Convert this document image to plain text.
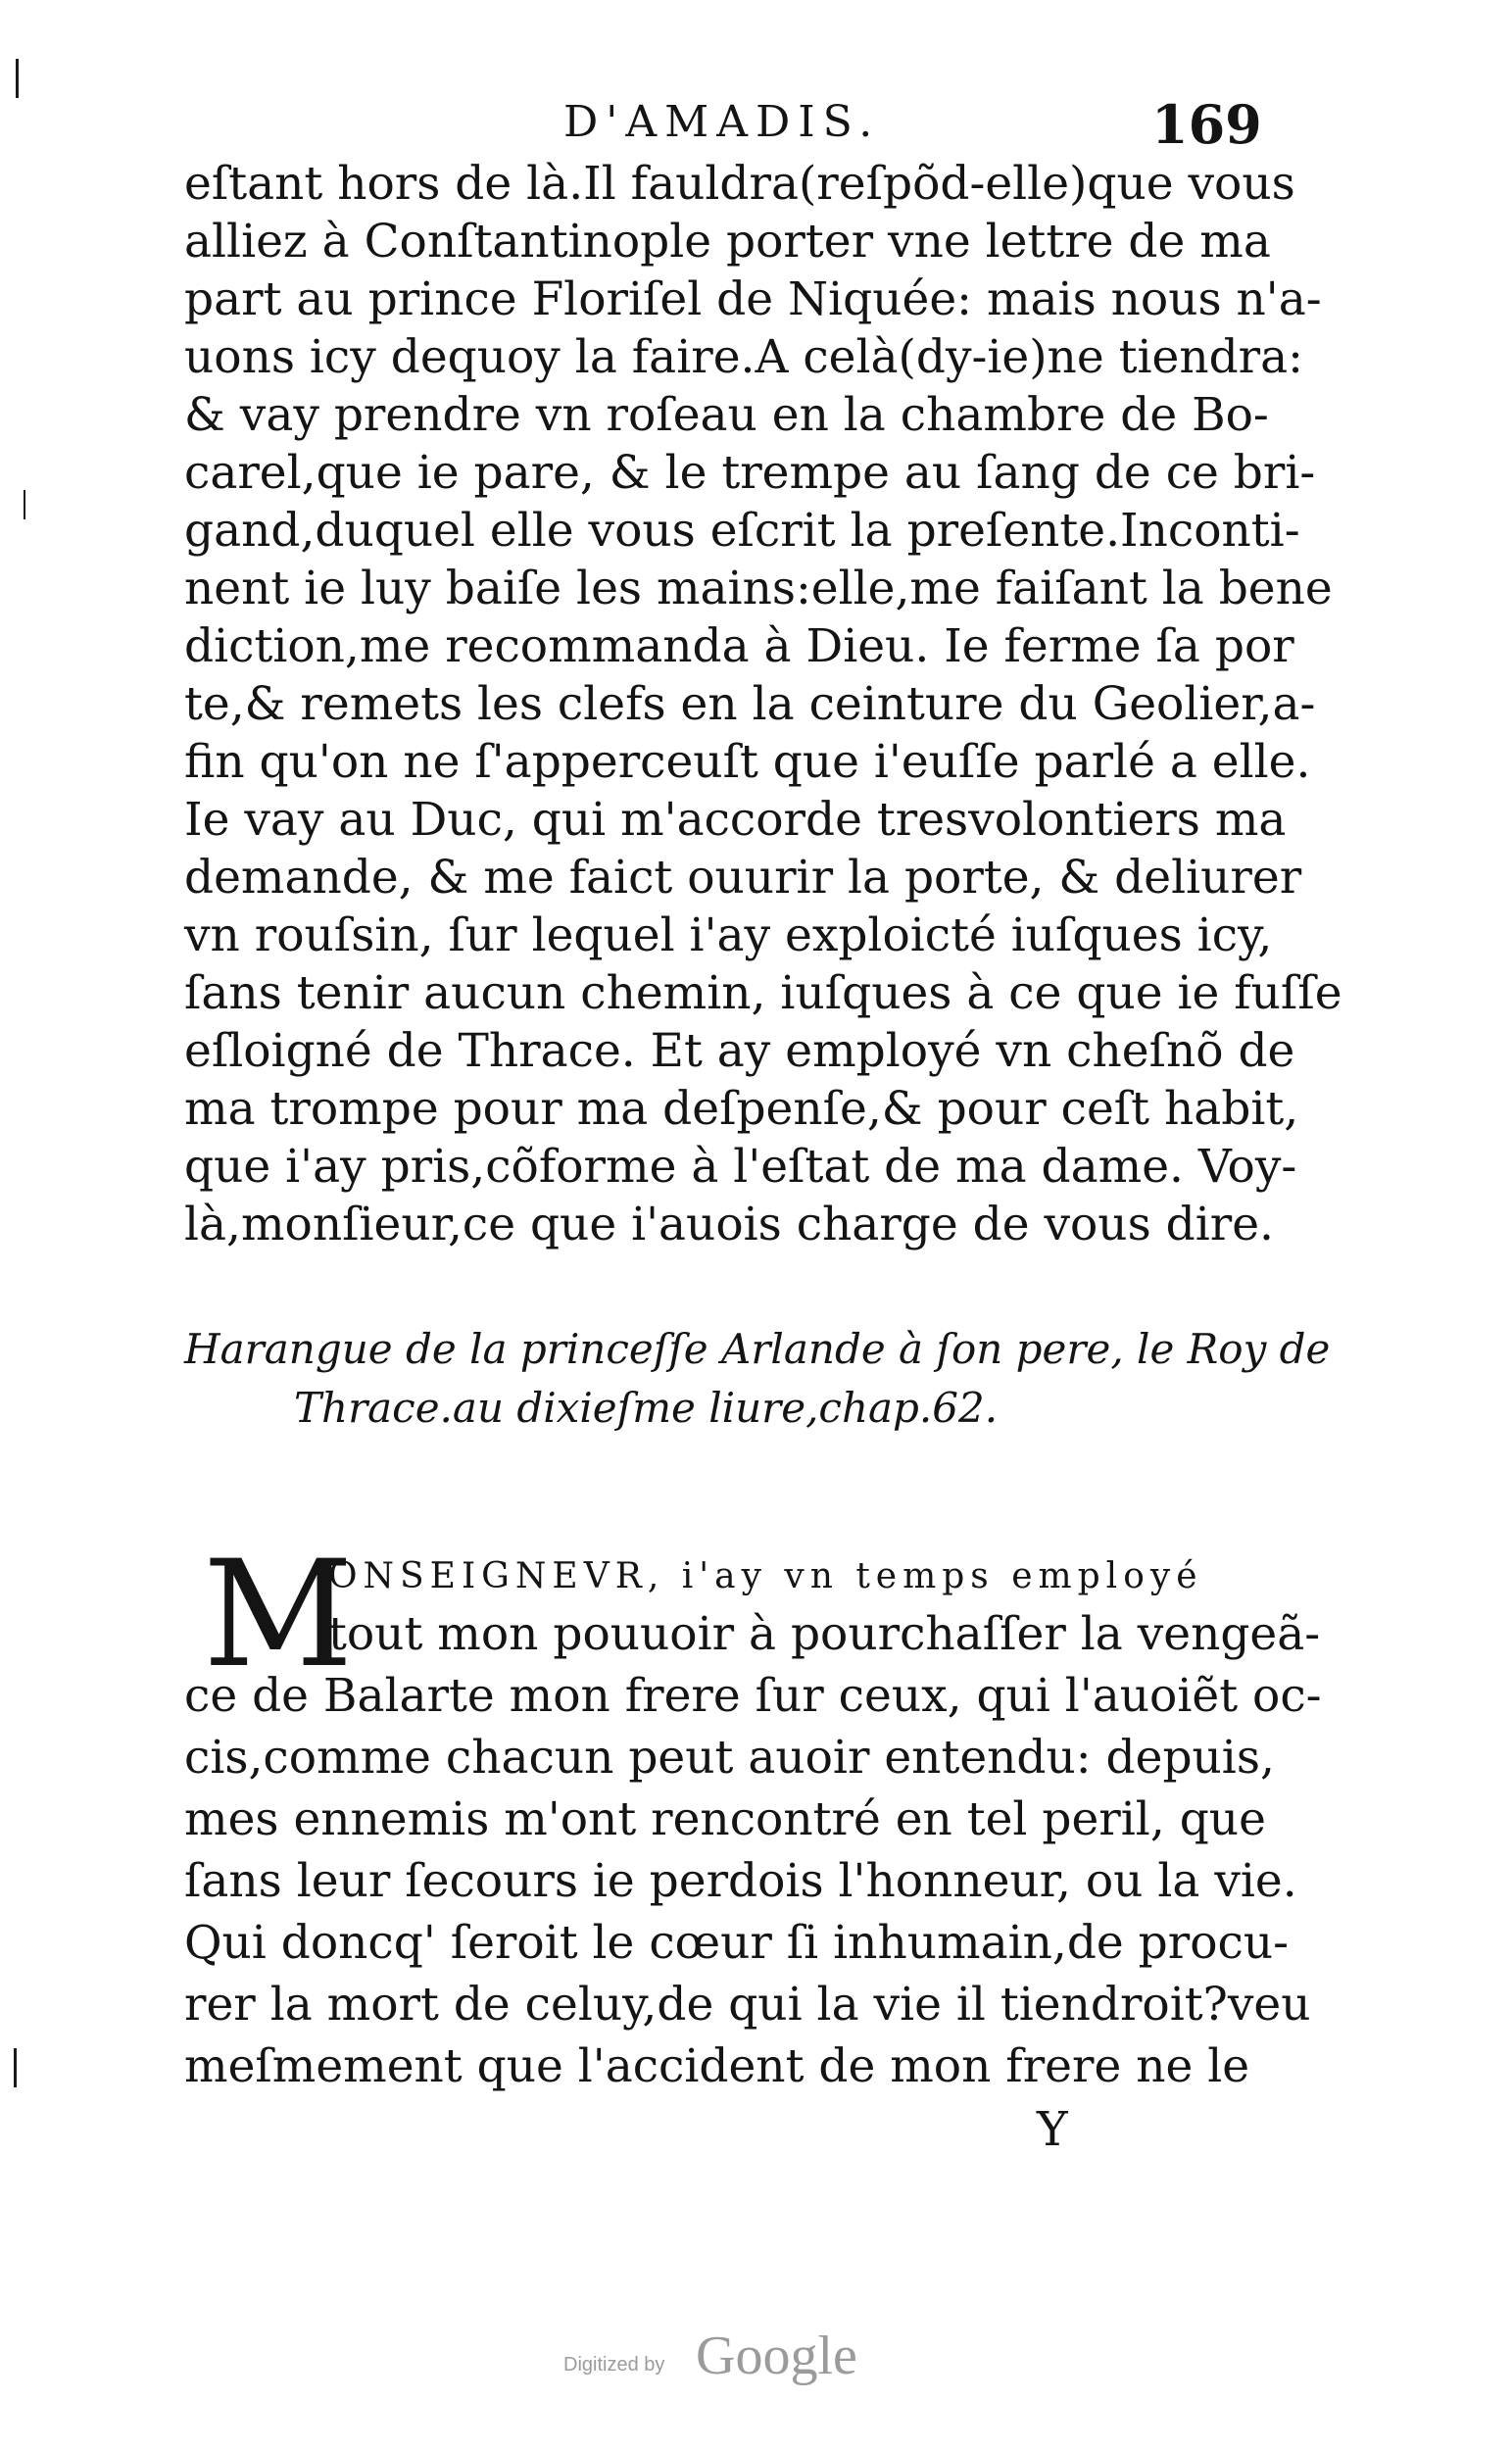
D'AMADIS.	169
eſtant hors de là.Il fauldra(reſpõd-elle)que vous
alliez à Conſtantinople porter vne lettre de ma
part au prince Floriſel de Niquée: mais nous n'a-
uons icy dequoy la faire.A celà(dy-ie)ne tiendra:
& vay prendre vn roſeau en la chambre de Bo-
carel,que ie pare, & le trempe au ſang de ce bri-
gand,duquel elle vous eſcrit la preſente.Inconti-
nent ie luy baiſe les mains:elle,me faiſant la bene
diction,me recommanda à Dieu. Ie ferme ſa por
te,& remets les clefs en la ceinture du Geolier,a-
fin qu'on ne ſ'apperceuſt que i'euſſe parlé a elle.
Ie vay au Duc, qui m'accorde tresvolontiers ma
demande, & me faict ouurir la porte, & deliurer
vn rouſsin, ſur lequel i'ay exploicté iuſques icy,
ſans tenir aucun chemin, iuſques à ce que ie fuſſe
eſloigné de Thrace. Et ay employé vn cheſnõ de
ma trompe pour ma deſpenſe,& pour ceſt habit,
que i'ay pris,cõforme à l'eſtat de ma dame. Voy-
là,monſieur,ce que i'auois charge de vous dire.
Harangue de la princeſſe Arlande à ſon pere, le Roy de
Thrace.au dixieſme liure,chap.62.
M
ONSEIGNEVR, i'ay vn temps employé
tout mon pouuoir à pourchaſſer la vengeã-
ce de Balarte mon frere ſur ceux, qui l'auoiẽt oc-
cis,comme chacun peut auoir entendu: depuis,
mes ennemis m'ont rencontré en tel peril, que
ſans leur ſecours ie perdois l'honneur, ou la vie.
Qui doncq' ſeroit le cœur ſi inhumain,de procu-
rer la mort de celuy,de qui la vie il tiendroit?veu
meſmement que l'accident de mon frere ne le
Y
Digitized by Google
